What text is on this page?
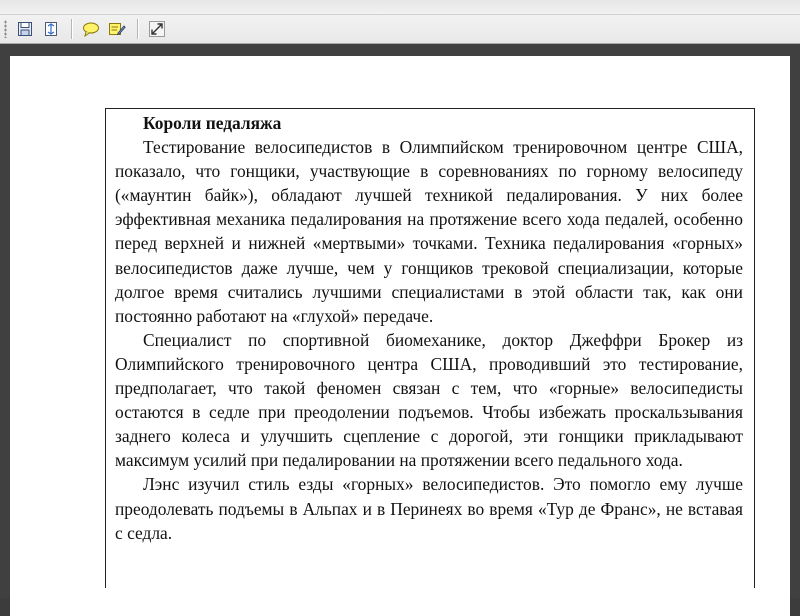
Короли педаляжа

Тестирование велосипедистов в Олимпийском тренировочном центре США, показало, что гонщики, участвующие в соревнованиях по горному велосипеду («маунтин байк»), обладают лучшей техникой педалирования. У них более эффективная механика педалирования на протяжение всего хода педалей, особенно перед верхней и нижней «мертвыми» точками. Техника педалирования «горных» велосипедистов даже лучше, чем у гонщиков трековой специализации, которые долгое время считались лучшими специалистами в этой области так, как они постоянно работают на «глухой» передаче.

Специалист по спортивной биомеханике, доктор Джеффри Брокер из Олимпийского тренировочного центра США, проводивший это тестирование, предполагает, что такой феномен связан с тем, что «горные» велосипедисты остаются в седле при преодолении подъемов. Чтобы избежать проскальзывания заднего колеса и улучшить сцепление с дорогой, эти гонщики прикладывают максимум усилий при педалировании на протяжении всего педального хода.

Лэнс изучил стиль езды «горных» велосипедистов. Это помогло ему лучше преодолевать подъемы в Альпах и в Перинеях во время «Тур де Франс», не вставая с седла.
